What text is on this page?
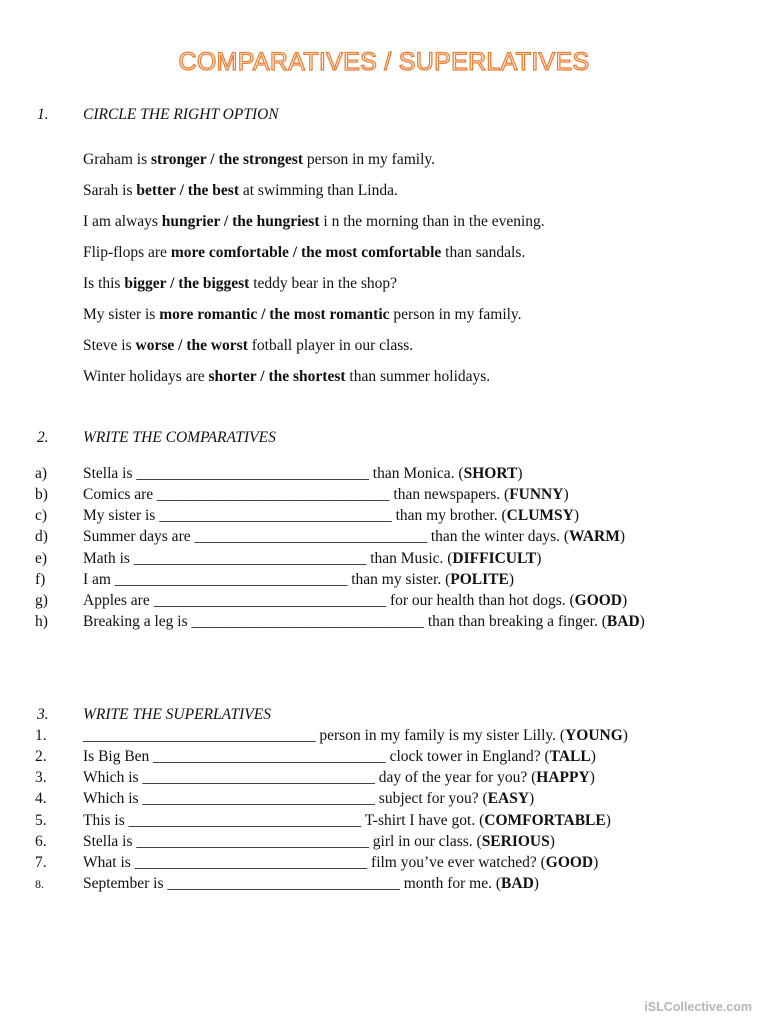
COMPARATIVES / SUPERLATIVES
1. CIRCLE THE RIGHT OPTION
Graham is stronger / the strongest person in my family.
Sarah is better / the best at swimming than Linda.
I am always hungrier / the hungriest i n the morning than in the evening.
Flip-flops are more comfortable / the most comfortable than sandals.
Is this bigger / the biggest teddy bear in the shop?
My sister is more romantic / the most romantic person in my family.
Steve is worse / the worst fotball player in our class.
Winter holidays are shorter / the shortest than summer holidays.
2. WRITE THE COMPARATIVES
a) Stella is ______________________________ than Monica. (SHORT)
b) Comics are ______________________________ than newspapers. (FUNNY)
c) My sister is ______________________________ than my brother. (CLUMSY)
d) Summer days are ______________________________ than the winter days. (WARM)
e) Math is ______________________________ than Music. (DIFFICULT)
f) I am ______________________________ than my sister. (POLITE)
g) Apples are ______________________________ for our health than hot dogs. (GOOD)
h) Breaking a leg is ______________________________ than than breaking a finger. (BAD)
3. WRITE THE SUPERLATIVES
1. ______________________________ person in my family is my sister Lilly. (YOUNG)
2. Is Big Ben ______________________________ clock tower in England? (TALL)
3. Which is ______________________________ day of the year for you? (HAPPY)
4. Which is ______________________________ subject for you? (EASY)
5. This is ______________________________ T-shirt I have got. (COMFORTABLE)
6. Stella is ______________________________ girl in our class. (SERIOUS)
7. What is ______________________________ film you’ve ever watched? (GOOD)
8.	September is ______________________________ month for me. (BAD)
iSLCollective.com
